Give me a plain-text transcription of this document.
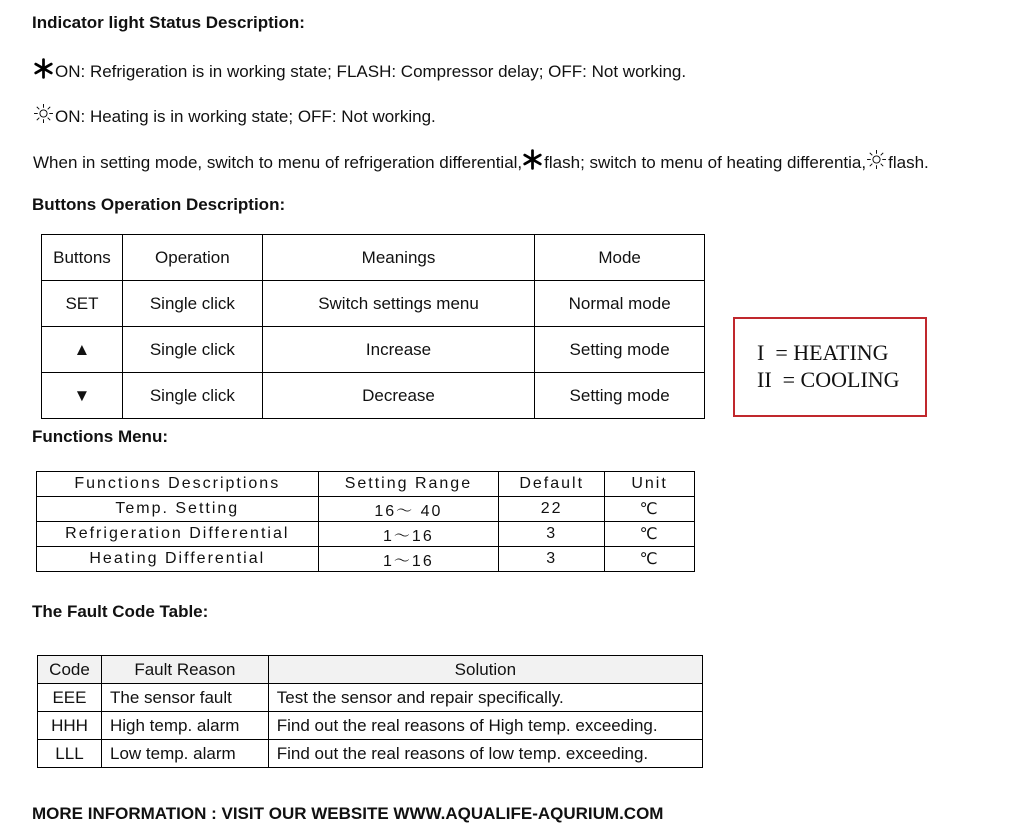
Indicator light Status Description:
ON: Refrigeration is in working state; FLASH: Compressor delay; OFF: Not working.
ON: Heating is in working state; OFF: Not working.
When in setting mode, switch to menu of refrigeration differential, flash; switch to menu of heating differentia, flash.
Buttons Operation Description:
Buttons	Operation	Meanings	Mode
SET	Single click	Switch settings menu	Normal mode
▲	Single click	Increase	Setting mode
▼	Single click	Decrease	Setting mode
I  = HEATING
II  = COOLING
Functions Menu:
Functions Descriptions	Setting Range	Default	Unit
Temp. Setting	16～ 40	22	℃
Refrigeration Differential	1～16	3	℃
Heating Differential	1～16	3	℃
The Fault Code Table:
Code	Fault Reason	Solution
EEE	The sensor fault	Test the sensor and repair specifically.
HHH	High temp. alarm	Find out the real reasons of High temp. exceeding.
LLL	Low temp. alarm	Find out the real reasons of low temp. exceeding.
MORE INFORMATION : VISIT OUR WEBSITE WWW.AQUALIFE-AQURIUM.COM
